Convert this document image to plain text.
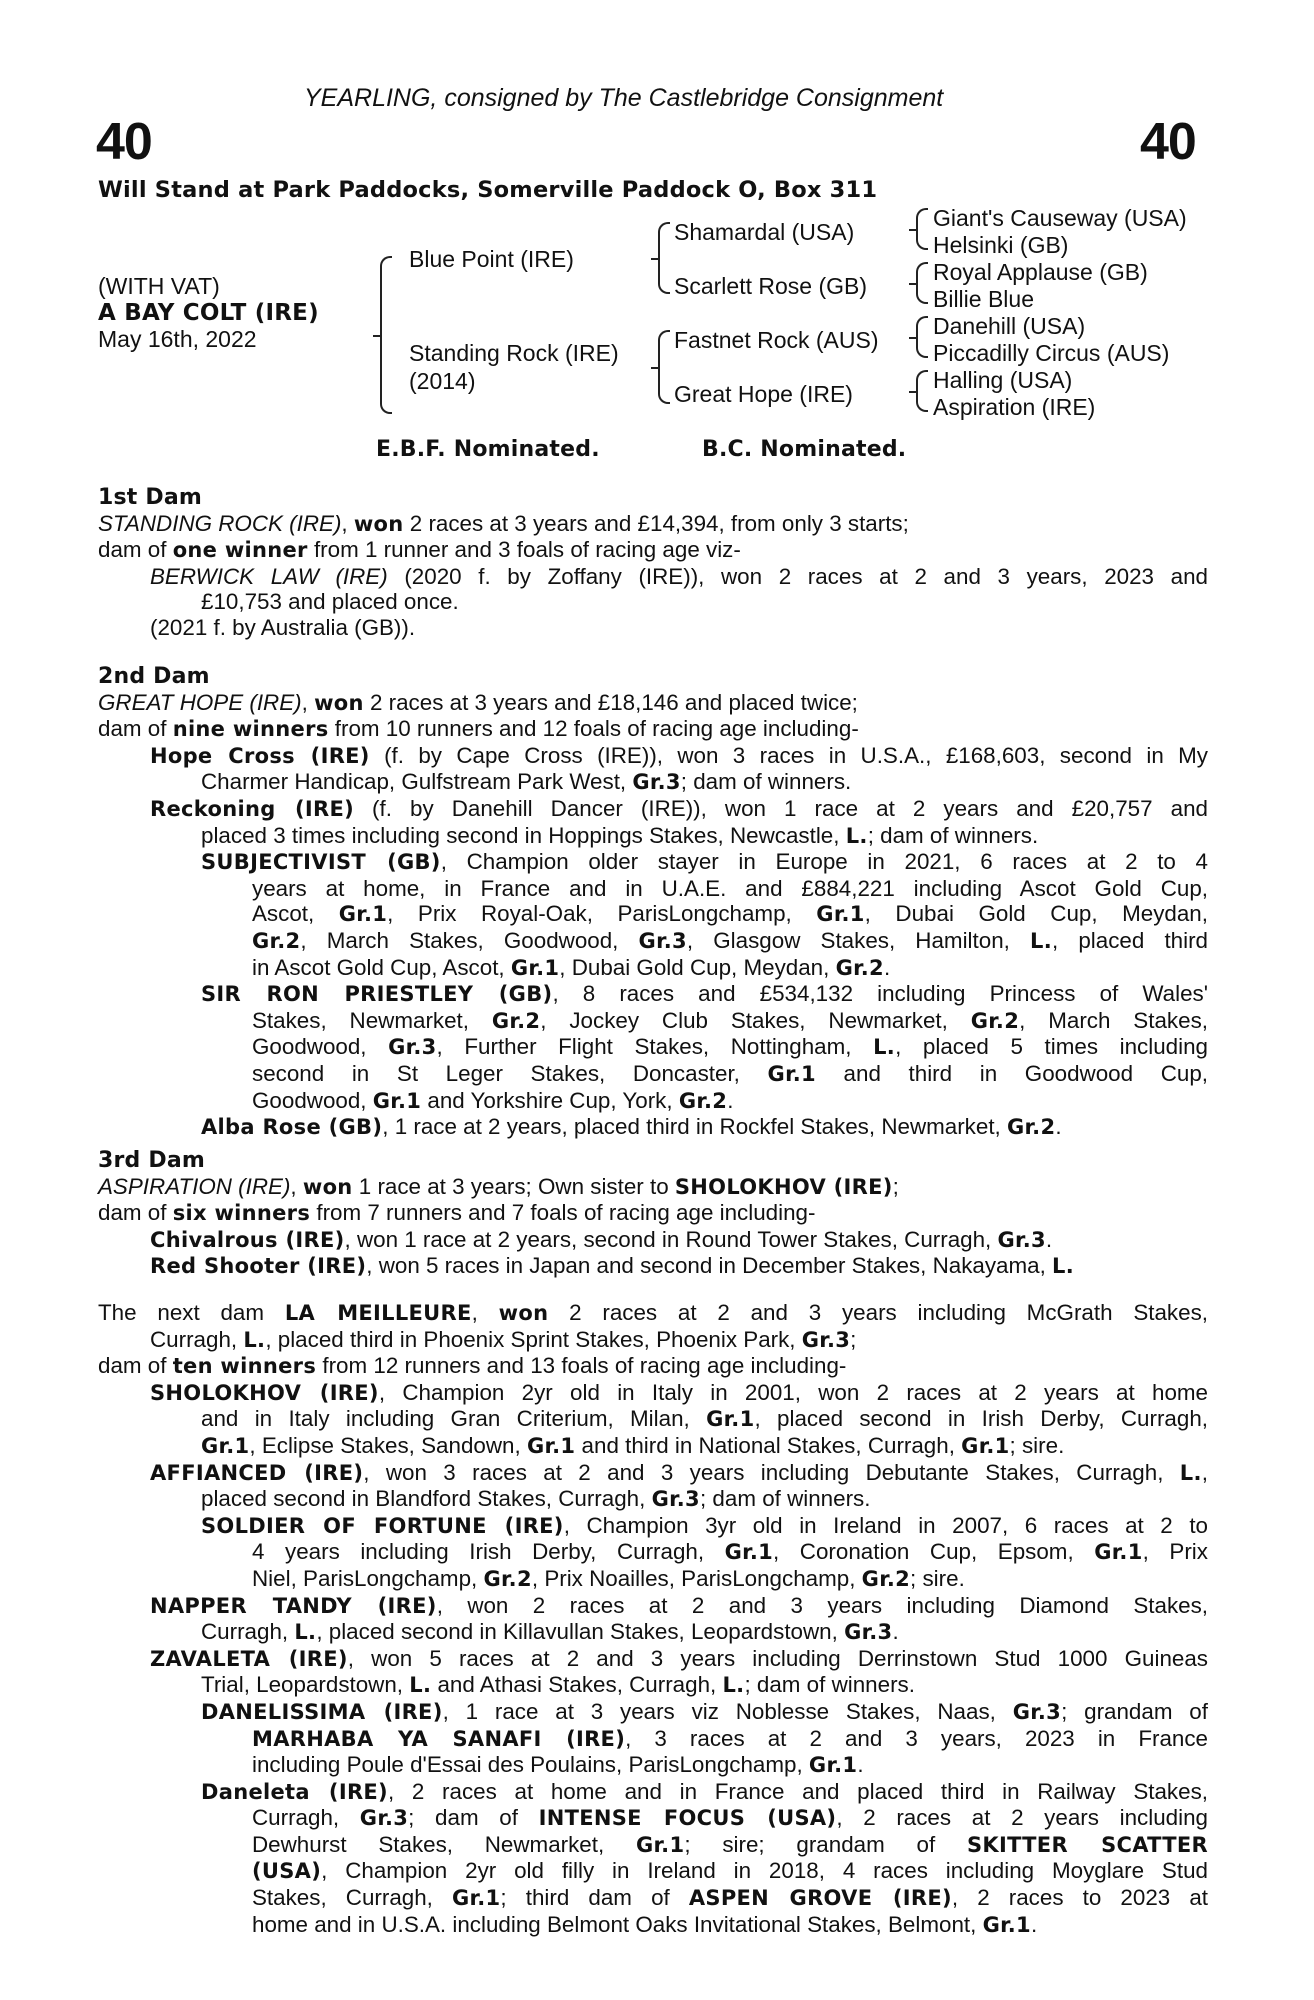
YEARLING, consigned by The Castlebridge Consignment
40	40
Will Stand at Park Paddocks, Somerville Paddock O, Box 311
(WITH VAT)
A BAY COLT (IRE)
May 16th, 2022
Blue Point (IRE)
Standing Rock (IRE)
(2014)
Shamardal (USA)
Scarlett Rose (GB)
Fastnet Rock (AUS)
Great Hope (IRE)
Giant's Causeway (USA)
Helsinki (GB)
Royal Applause (GB)
Billie Blue
Danehill (USA)
Piccadilly Circus (AUS)
Halling (USA)
Aspiration (IRE)
E.B.F. Nominated.	B.C. Nominated.
1st Dam
STANDING ROCK (IRE), won 2 races at 3 years and £14,394, from only 3 starts;
dam of one winner from 1 runner and 3 foals of racing age viz-
BERWICK LAW (IRE) (2020 f. by Zoffany (IRE)), won 2 races at 2 and 3 years, 2023 and
£10,753 and placed once.
(2021 f. by Australia (GB)).
2nd Dam
GREAT HOPE (IRE), won 2 races at 3 years and £18,146 and placed twice;
dam of nine winners from 10 runners and 12 foals of racing age including-
Hope Cross (IRE) (f. by Cape Cross (IRE)), won 3 races in U.S.A., £168,603, second in My
Charmer Handicap, Gulfstream Park West, Gr.3; dam of winners.
Reckoning (IRE) (f. by Danehill Dancer (IRE)), won 1 race at 2 years and £20,757 and
placed 3 times including second in Hoppings Stakes, Newcastle, L.; dam of winners.
SUBJECTIVIST (GB), Champion older stayer in Europe in 2021, 6 races at 2 to 4
years at home, in France and in U.A.E. and £884,221 including Ascot Gold Cup,
Ascot, Gr.1, Prix Royal-Oak, ParisLongchamp, Gr.1, Dubai Gold Cup, Meydan,
Gr.2, March Stakes, Goodwood, Gr.3, Glasgow Stakes, Hamilton, L., placed third
in Ascot Gold Cup, Ascot, Gr.1, Dubai Gold Cup, Meydan, Gr.2.
SIR RON PRIESTLEY (GB), 8 races and £534,132 including Princess of Wales'
Stakes, Newmarket, Gr.2, Jockey Club Stakes, Newmarket, Gr.2, March Stakes,
Goodwood, Gr.3, Further Flight Stakes, Nottingham, L., placed 5 times including
second in St Leger Stakes, Doncaster, Gr.1 and third in Goodwood Cup,
Goodwood, Gr.1 and Yorkshire Cup, York, Gr.2.
Alba Rose (GB), 1 race at 2 years, placed third in Rockfel Stakes, Newmarket, Gr.2.
3rd Dam
ASPIRATION (IRE), won 1 race at 3 years; Own sister to SHOLOKHOV (IRE);
dam of six winners from 7 runners and 7 foals of racing age including-
Chivalrous (IRE), won 1 race at 2 years, second in Round Tower Stakes, Curragh, Gr.3.
Red Shooter (IRE), won 5 races in Japan and second in December Stakes, Nakayama, L.
The next dam LA MEILLEURE, won 2 races at 2 and 3 years including McGrath Stakes,
Curragh, L., placed third in Phoenix Sprint Stakes, Phoenix Park, Gr.3;
dam of ten winners from 12 runners and 13 foals of racing age including-
SHOLOKHOV (IRE), Champion 2yr old in Italy in 2001, won 2 races at 2 years at home
and in Italy including Gran Criterium, Milan, Gr.1, placed second in Irish Derby, Curragh,
Gr.1, Eclipse Stakes, Sandown, Gr.1 and third in National Stakes, Curragh, Gr.1; sire.
AFFIANCED (IRE), won 3 races at 2 and 3 years including Debutante Stakes, Curragh, L.,
placed second in Blandford Stakes, Curragh, Gr.3; dam of winners.
SOLDIER OF FORTUNE (IRE), Champion 3yr old in Ireland in 2007, 6 races at 2 to
4 years including Irish Derby, Curragh, Gr.1, Coronation Cup, Epsom, Gr.1, Prix
Niel, ParisLongchamp, Gr.2, Prix Noailles, ParisLongchamp, Gr.2; sire.
NAPPER TANDY (IRE), won 2 races at 2 and 3 years including Diamond Stakes,
Curragh, L., placed second in Killavullan Stakes, Leopardstown, Gr.3.
ZAVALETA (IRE), won 5 races at 2 and 3 years including Derrinstown Stud 1000 Guineas
Trial, Leopardstown, L. and Athasi Stakes, Curragh, L.; dam of winners.
DANELISSIMA (IRE), 1 race at 3 years viz Noblesse Stakes, Naas, Gr.3; grandam of
MARHABA YA SANAFI (IRE), 3 races at 2 and 3 years, 2023 in France
including Poule d'Essai des Poulains, ParisLongchamp, Gr.1.
Daneleta (IRE), 2 races at home and in France and placed third in Railway Stakes,
Curragh, Gr.3; dam of INTENSE FOCUS (USA), 2 races at 2 years including
Dewhurst Stakes, Newmarket, Gr.1; sire; grandam of SKITTER SCATTER
(USA), Champion 2yr old filly in Ireland in 2018, 4 races including Moyglare Stud
Stakes, Curragh, Gr.1; third dam of ASPEN GROVE (IRE), 2 races to 2023 at
home and in U.S.A. including Belmont Oaks Invitational Stakes, Belmont, Gr.1.
